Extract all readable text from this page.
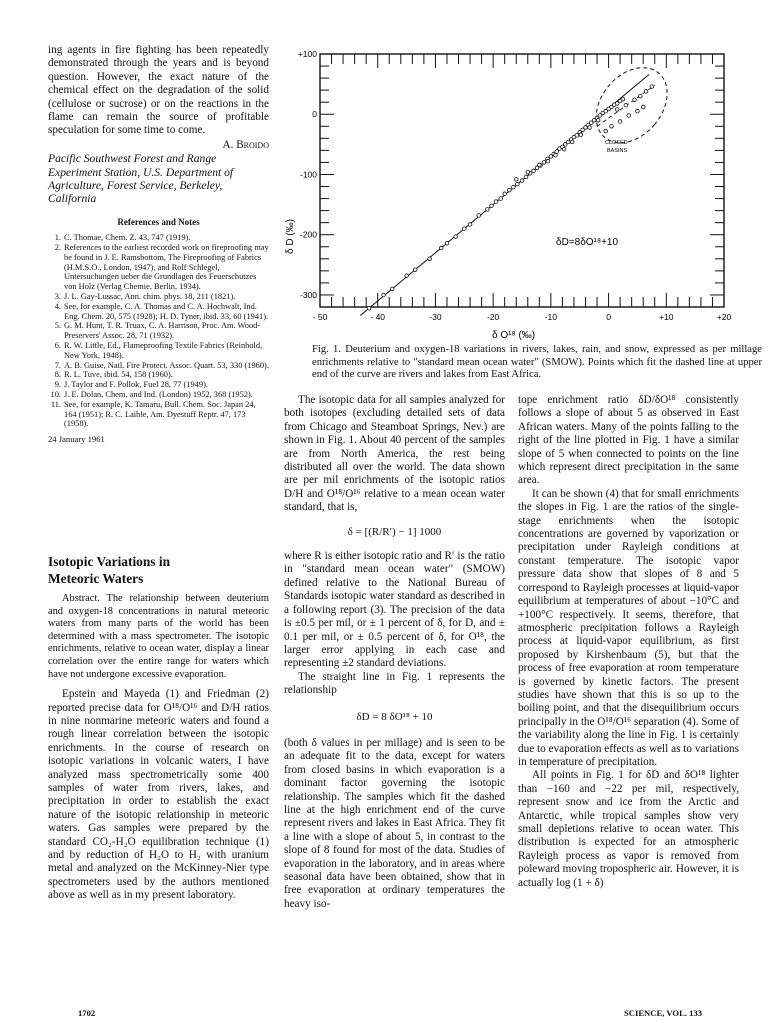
ing agents in fire fighting has been repeatedly demonstrated through the years and is beyond question. However, the exact nature of the chemical effect on the degradation of the solid (cellulose or sucrose) or on the reactions in the flame can remain the source of profitable speculation for some time to come.

A. Broido
Pacific Southwest Forest and Range Experiment Station, U.S. Department of Agriculture, Forest Service, Berkeley, California
References and Notes
1. C. Thomae, Chem. Z. 43, 747 (1919).
2. References to the earliest recorded work on fireproofing may be found in J. E. Ramsbottom, The Fireproofing of Fabrics (H.M.S.O., London, 1947), and Rolf Schlegel, Untersuchungen ueber die Grundlagen des Feuerschutzes von Holz (Verlag Chemie, Berlin, 1934).
3. J. L. Gay-Lussac, Ann. chim. phys. 18, 211 (1821).
4. See, for example, C. A. Thomas and C. A. Hochwalt, Ind. Eng. Chem. 20, 575 (1928); H. D. Tyner, ibid. 33, 60 (1941).
5. G. M. Hunt, T. R. Truax, C. A. Harrison, Proc. Am. Wood-Preservers' Assoc. 28, 71 (1932).
6. R. W. Little, Ed., Flameproofing Textile Fabrics (Reinhold, New York, 1948).
7. A. B. Guise, Natl. Fire Protect. Assoc. Quart. 53, 330 (1960).
8. R. L. Tuve, ibid. 54, 158 (1960).
9. J. Taylor and F. Pollok, Fuel 28, 77 (1949).
10. J. E. Dolan, Chem. and Ind. (London) 1952, 368 (1952).
11. See, for example, K. Tamaru, Bull. Chem. Soc. Japan 24, 164 (1951); R. C. Laible, Am. Dyestuff Reptr. 47, 173 (1958).
24 January 1961
Isotopic Variations in
Meteoric Waters

Abstract. The relationship between deuterium and oxygen-18 concentrations in natural meteoric waters from many parts of the world has been determined with a mass spectrometer. The isotopic enrichments, relative to ocean water, display a linear correlation over the entire range for waters which have not undergone excessive evaporation.

Epstein and Mayeda (1) and Friedman (2) reported precise data for O¹⁸/O¹⁶ and D/H ratios in nine nonmarine meteoric waters and found a rough linear correlation between the isotopic enrichments. In the course of research on isotopic variations in volcanic waters, I have analyzed mass spectrometrically some 400 samples of water from rivers, lakes, and precipitation in order to establish the exact nature of the isotopic relationship in meteoric waters. Gas samples were prepared by the standard CO₂-H₂O equilibration technique (1) and by reduction of H₂O to H₂ with uranium metal and analyzed on the McKinney-Nier type spectrometers used by the authors mentioned above as well as in my present laboratory.

- 50	- 40	-30	-20	-10	0	+10	+20
+100
0
-100
-200
-300
δ D (‰)
δ O¹⁸ (‰)
δD=8δO¹⁸+10
CLOSED
BASINS
Fig. 1. Deuterium and oxygen-18 variations in rivers, lakes, rain, and snow, expressed as per millage enrichments relative to "standard mean ocean water" (SMOW). Points which fit the dashed line at upper end of the curve are rivers and lakes from East Africa.

The isotopic data for all samples analyzed for both isotopes (excluding detailed sets of data from Chicago and Steamboat Springs, Nev.) are shown in Fig. 1. About 40 percent of the samples are from North America, the rest being distributed all over the world. The data shown are per mil enrichments of the isotopic ratios D/H and O¹⁸/O¹⁶ relative to a mean ocean water standard, that is,

δ = [(R/R′) − 1] 1000

where R is either isotopic ratio and R′ is the ratio in "standard mean ocean water" (SMOW) defined relative to the National Bureau of Standards isotopic water standard as described in a following report (3). The precision of the data is ±0.5 per mil, or ± 1 percent of δ, for D, and ± 0.1 per mil, or ± 0.5 percent of δ, for O¹⁸, the larger error applying in each case and representing ±2 standard deviations.

The straight line in Fig. 1 represents the relationship

δD = 8 δO¹⁸ + 10

(both δ values in per millage) and is seen to be an adequate fit to the data, except for waters from closed basins in which evaporation is a dominant factor governing the isotopic relationship. The samples which fit the dashed line at the high enrichment end of the curve represent rivers and lakes in East Africa. They fit a line with a slope of about 5, in contrast to the slope of 8 found for most of the data. Studies of evaporation in the laboratory, and in areas where seasonal data have been obtained, show that in free evaporation at ordinary temperatures the heavy iso-

tope enrichment ratio δD/δO¹⁸ consistently follows a slope of about 5 as observed in East African waters. Many of the points falling to the right of the line plotted in Fig. 1 have a similar slope of 5 when connected to points on the line which represent direct precipitation in the same area.

It can be shown (4) that for small enrichments the slopes in Fig. 1 are the ratios of the single-stage enrichments when the isotopic concentrations are governed by vaporization or precipitation under Rayleigh conditions at constant temperature. The isotopic vapor pressure data show that slopes of 8 and 5 correspond to Rayleigh processes at liquid-vapor equilibrium at temperatures of about −10°C and +100°C respectively. It seems, therefore, that atmospheric precipitation follows a Rayleigh process at liquid-vapor equilibrium, as first proposed by Kirshenbaum (5), but that the process of free evaporation at room temperature is governed by kinetic factors. The present studies have shown that this is so up to the boiling point, and that the disequilibrium occurs principally in the O¹⁸/O¹⁶ separation (4). Some of the variability along the line in Fig. 1 is certainly due to evaporation effects as well as to variations in temperature of precipitation.

All points in Fig. 1 for δD and δO¹⁸ lighter than −160 and −22 per mil, respectively, represent snow and ice from the Arctic and Antarctic, while tropical samples show very small depletions relative to ocean water. This distribution is expected for an atmospheric Rayleigh process as vapor is removed from poleward moving tropospheric air. However, it is actually log (1 + δ)

1702	SCIENCE, VOL. 133
